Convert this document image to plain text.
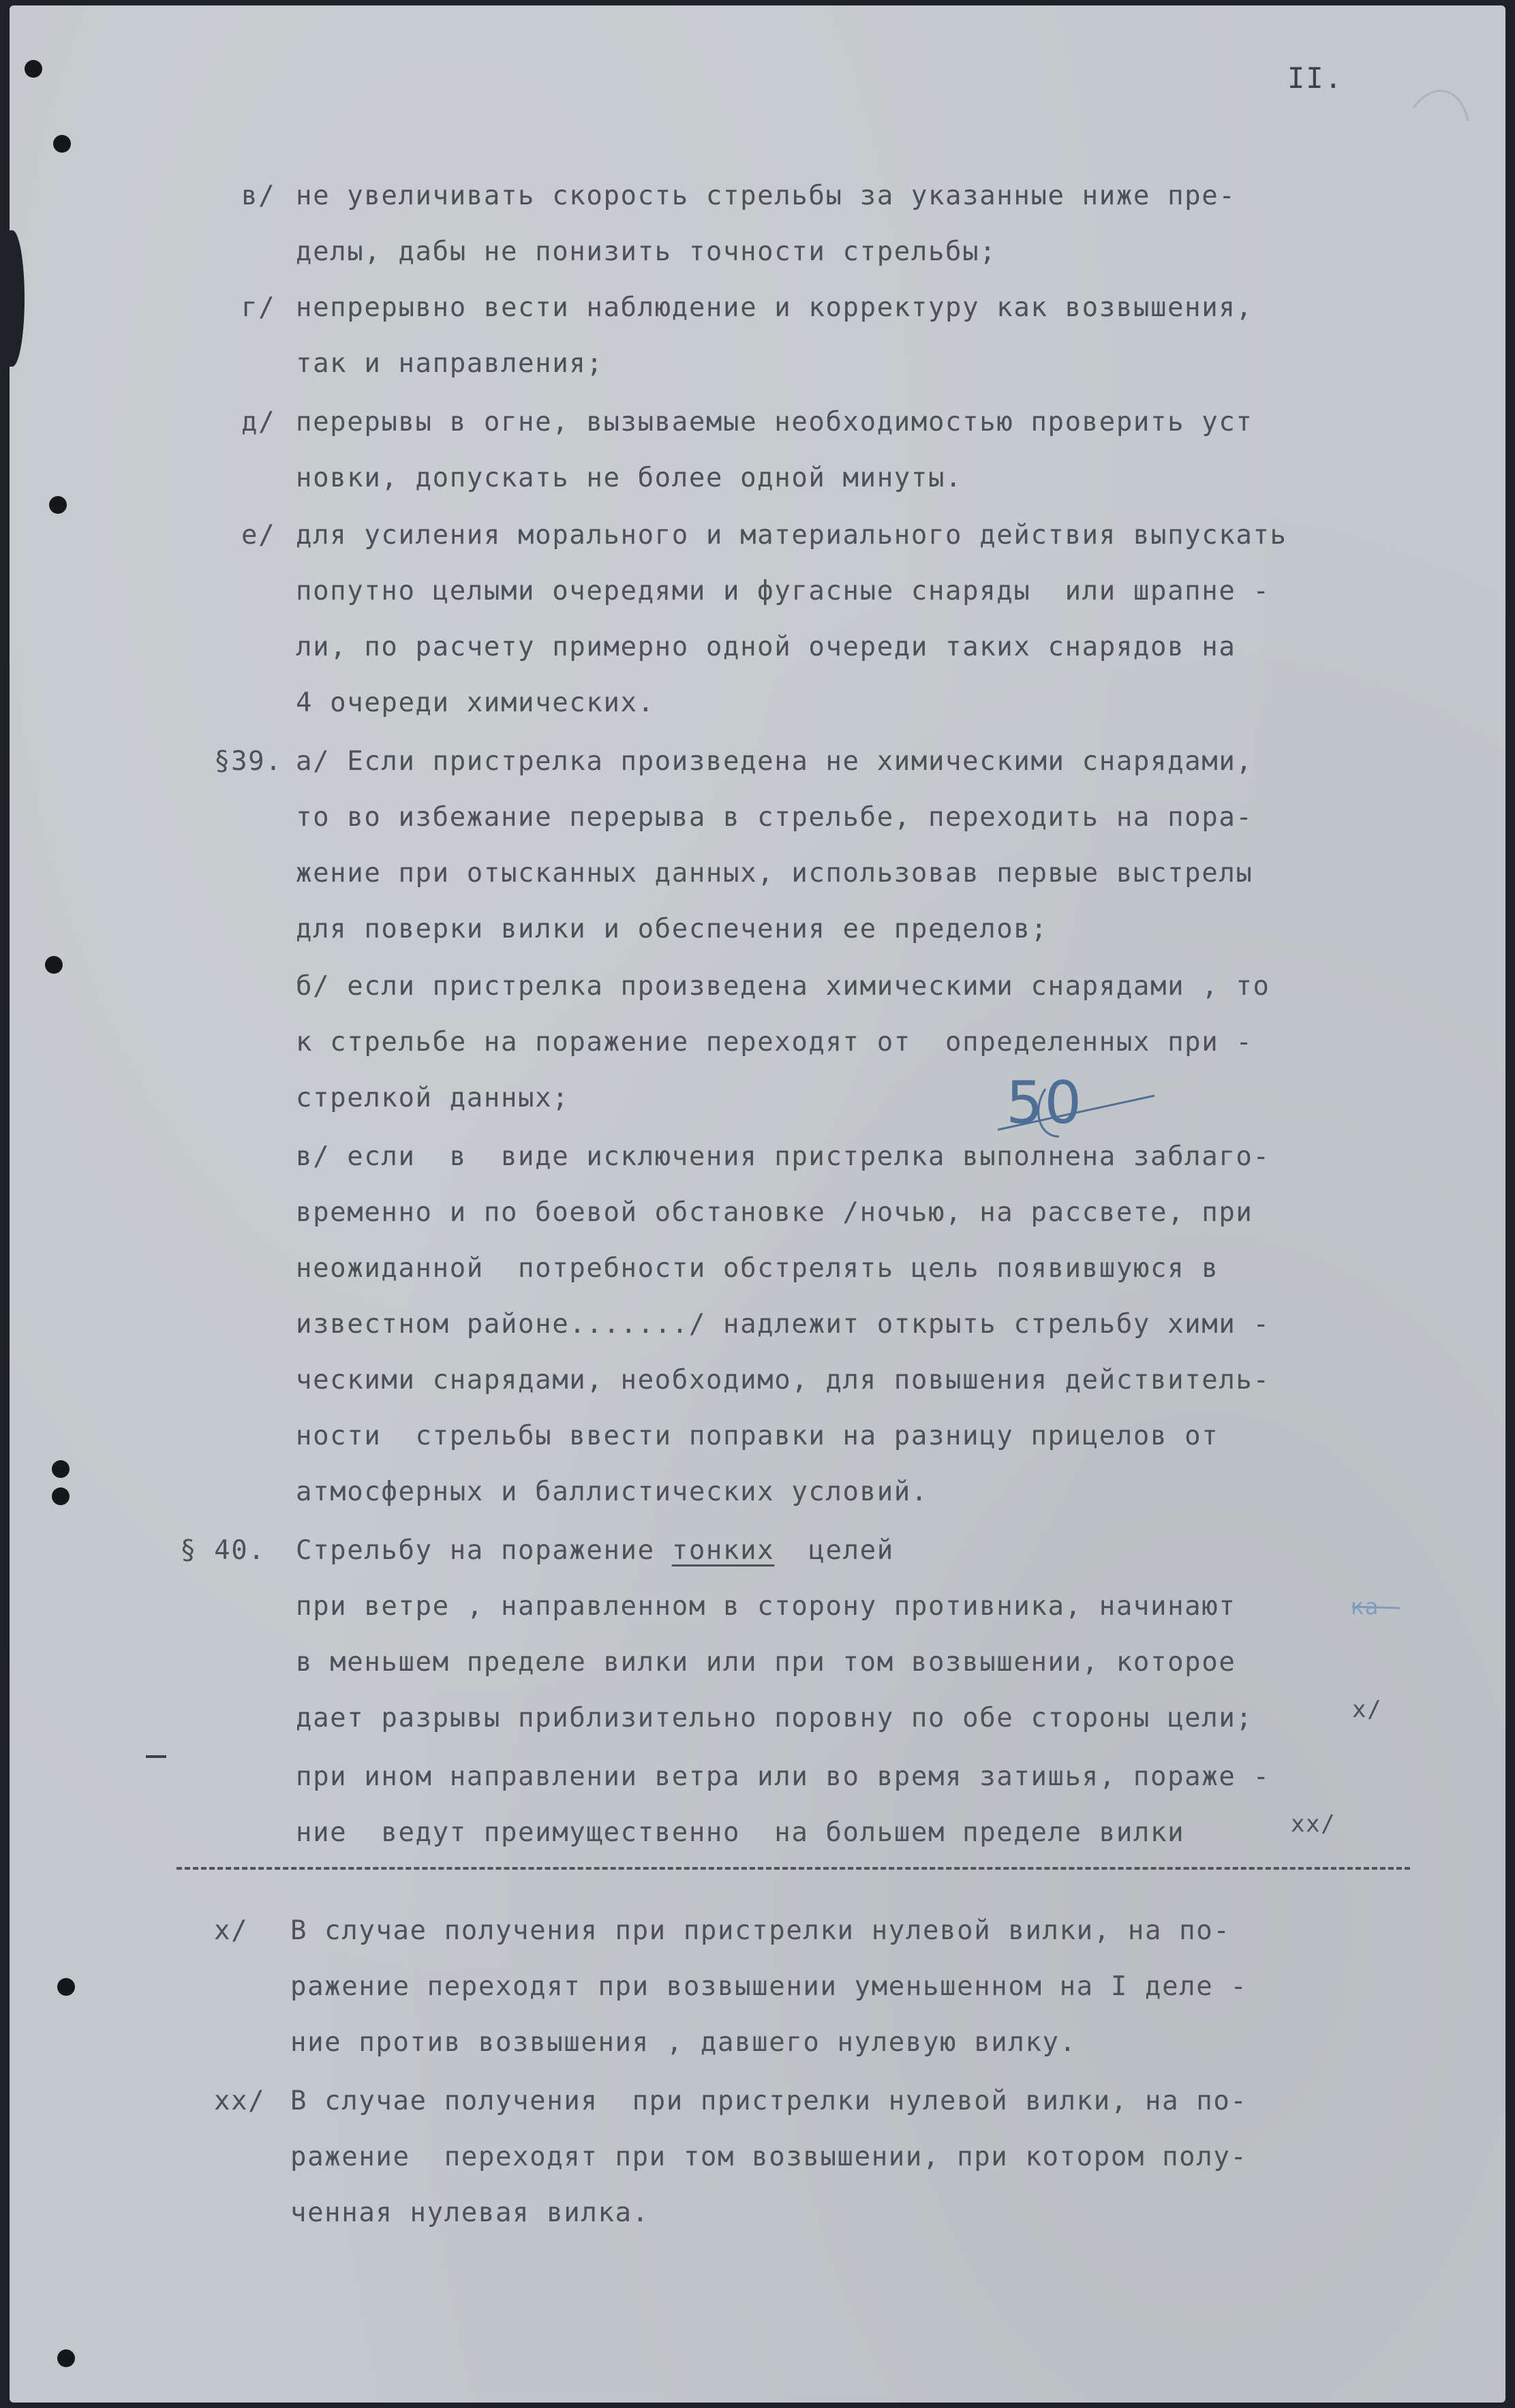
II.
в/ не увеличивать скорость стрельбы за указанные ниже пре-

делы, дабы не понизить точности стрельбы;

г/ непрерывно вести наблюдение и корректуру как возвышения,

так и направления;

д/ перерывы в огне, вызываемые необходимостью проверить уст

новки, допускать не более одной минуты.

е/ для усиления морального и материального действия выпускать

попутно целыми очередями и фугасные снаряды  или шрапне -

ли, по расчету примерно одной очереди таких снарядов на

4 очереди химических.

§39. а/ Если пристрелка произведена не химическими снарядами,

то во избежание перерыва в стрельбе, переходить на пора-

жение при отысканных данных, использовав первые выстрелы

для поверки вилки и обеспечения ее пределов;

б/ если пристрелка произведена химическими снарядами , то

к стрельбе на поражение переходят от  определенных при -

стрелкой данных;

в/ если  в  виде исключения пристрелка выполнена заблаго-

временно и по боевой обстановке /ночью, на рассвете, при

неожиданной  потребности обстрелять цель появившуюся в

известном районе......./ надлежит открыть стрельбу хими -

ческими снарядами, необходимо, для повышения действитель-

ности  стрельбы ввести поправки на разницу прицелов от

атмосферных и баллистических условий.

§ 40. Стрельбу на поражение тонких  целей

при ветре , направленном в сторону противника, начинают

в меньшем пределе вилки или при том возвышении, которое

дает разрывы приблизительно поровну по обе стороны цели;

при ином направлении ветра или во время затишья, пораже -

ние  ведут преимущественно  на большем пределе вилки

x/
xx/
x/ В случае получения при пристрелки нулевой вилки, на по-

ражение переходят при возвышении уменьшенном на I деле -

ние против возвышения , давшего нулевую вилку.

xx/ В случае получения  при пристрелки нулевой вилки, на по-

ражение  переходят при том возвышении, при котором полу-

ченная нулевая вилка.

50
ка
